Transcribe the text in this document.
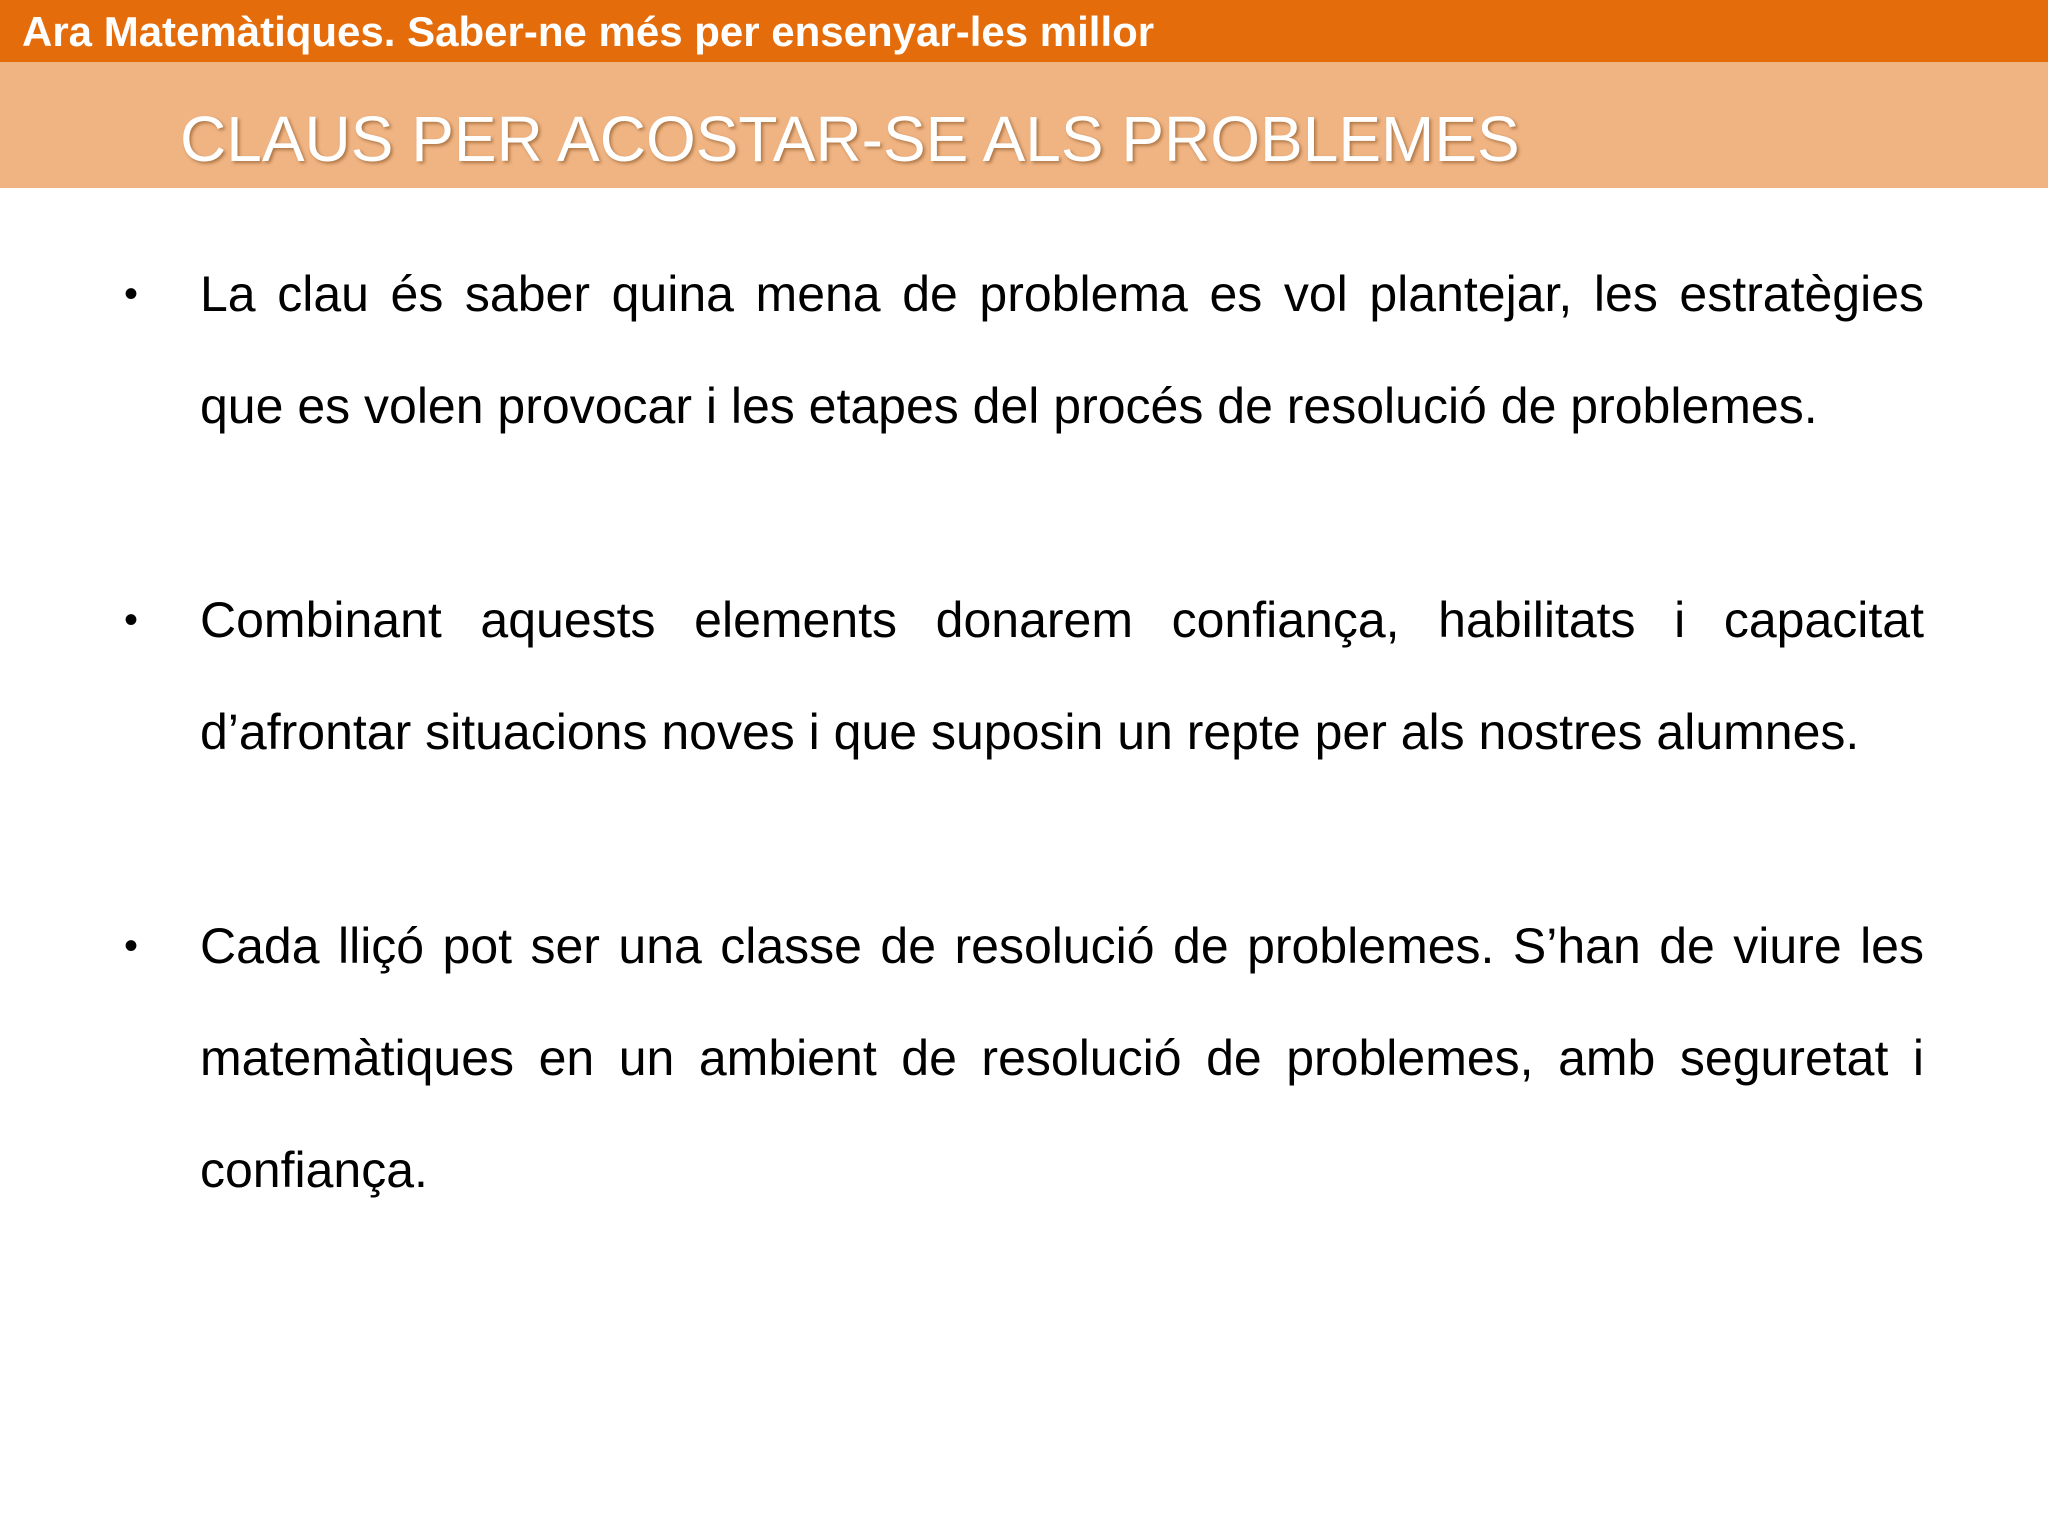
Ara Matemàtiques. Saber-ne més per ensenyar-les millor
CLAUS PER ACOSTAR-SE ALS PROBLEMES
• La clau és saber quina mena de problema es vol plantejar, les estratègies que es volen provocar i les etapes del procés de resolució de problemes.

• Combinant aquests elements donarem confiança, habilitats i capacitat d’afrontar situacions noves i que suposin un repte per als nostres alumnes.

• Cada lliçó pot ser una classe de resolució de problemes. S’han de viure les matemàtiques en un ambient de resolució de problemes, amb seguretat i confiança.
